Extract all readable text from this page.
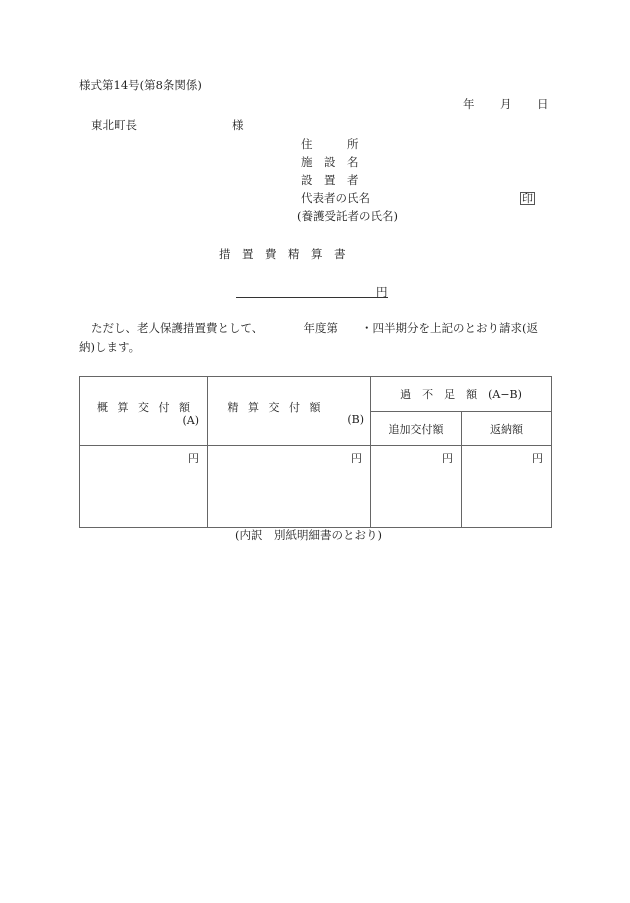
様式第14号(第8条関係)
年 月 日
東北町長	様
住　　　所
施　設　名
設　置　者
代表者の氏名	印
(養護受託者の氏名)
措　置　費　精　算　書
円
ただし、老人保護措置費として、　　　　年度第　　・四半期分を上記のとおり請求(返
納)します。
概 算 交 付 額
(A)

精 算 交 付 額
(B)

過　不　足　額　(A−B)

追加交付額	返納額

円	円	円	円
(内訳　別紙明細書のとおり)
